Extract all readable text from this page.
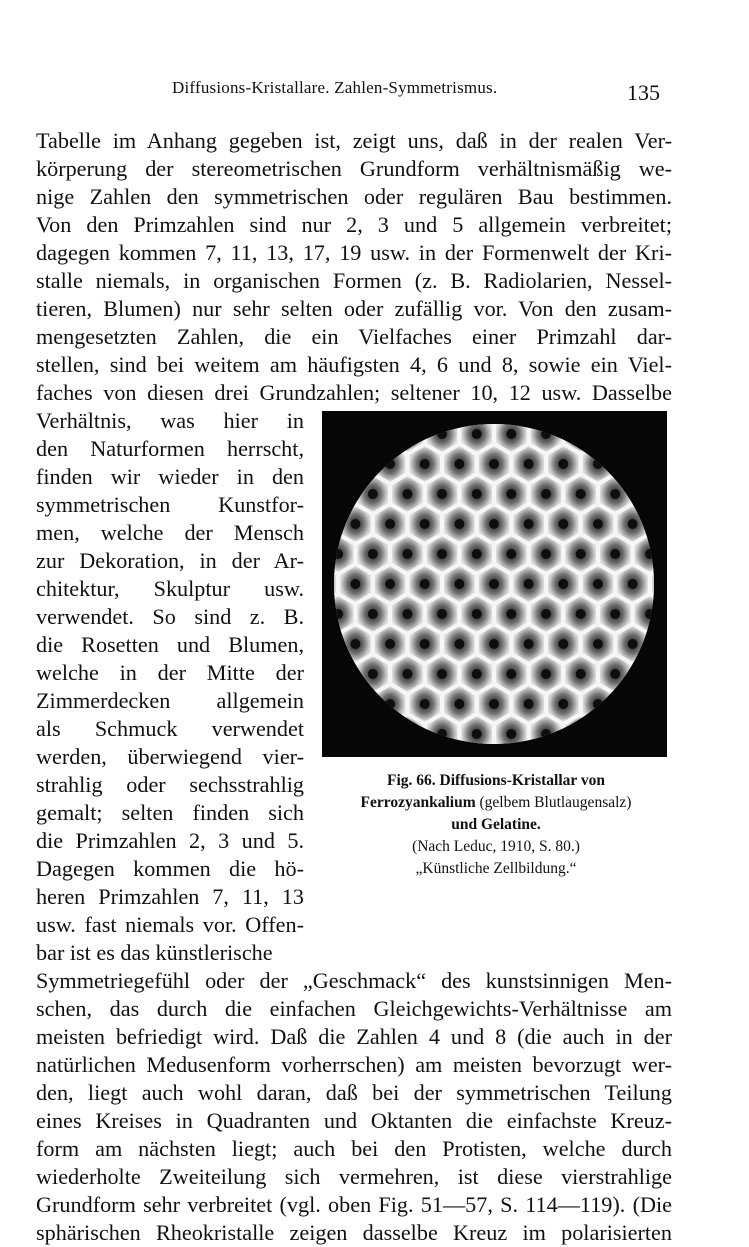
Diffusions-Kristallare. Zahlen-Symmetrismus.	135
Tabelle im Anhang gegeben ist, zeigt uns, daß in der realen Ver-
körperung der stereometrischen Grundform verhältnismäßig we-
nige Zahlen den symmetrischen oder regulären Bau bestimmen.
Von den Primzahlen sind nur 2, 3 und 5 allgemein verbreitet;
dagegen kommen 7, 11, 13, 17, 19 usw. in der Formenwelt der Kri-
stalle niemals, in organischen Formen (z. B. Radiolarien, Nessel-
tieren, Blumen) nur sehr selten oder zufällig vor. Von den zusam-
mengesetzten Zahlen, die ein Vielfaches einer Primzahl dar-
stellen, sind bei weitem am häufigsten 4, 6 und 8, sowie ein Viel-
faches von diesen drei Grundzahlen; seltener 10, 12 usw. Dasselbe
Verhältnis, was hier in
den Naturformen herrscht,
finden wir wieder in den
symmetrischen Kunstfor-
men, welche der Mensch
zur Dekoration, in der Ar-
chitektur, Skulptur usw.
verwendet. So sind z. B.
die Rosetten und Blumen,
welche in der Mitte der
Zimmerdecken allgemein
als Schmuck verwendet
werden, überwiegend vier-
strahlig oder sechsstrahlig
gemalt; selten finden sich
die Primzahlen 2, 3 und 5.
Dagegen kommen die hö-
heren Primzahlen 7, 11, 13
usw. fast niemals vor. Offen-
bar ist es das künstlerische
Symmetriegefühl oder der „Geschmack“ des kunstsinnigen Men-
schen, das durch die einfachen Gleichgewichts-Verhältnisse am
meisten befriedigt wird. Daß die Zahlen 4 und 8 (die auch in der
natürlichen Medusenform vorherrschen) am meisten bevorzugt wer-
den, liegt auch wohl daran, daß bei der symmetrischen Teilung
eines Kreises in Quadranten und Oktanten die einfachste Kreuz-
form am nächsten liegt; auch bei den Protisten, welche durch
wiederholte Zweiteilung sich vermehren, ist diese vierstrahlige
Grundform sehr verbreitet (vgl. oben Fig. 51—57, S. 114—119). (Die
sphärischen Rheokristalle zeigen dasselbe Kreuz im polarisierten
Fig. 66. Diffusions-Kristallar von
Ferrozyankalium (gelbem Blutlaugensalz)
und Gelatine.
(Nach Leduc, 1910, S. 80.)
„Künstliche Zellbildung.“
